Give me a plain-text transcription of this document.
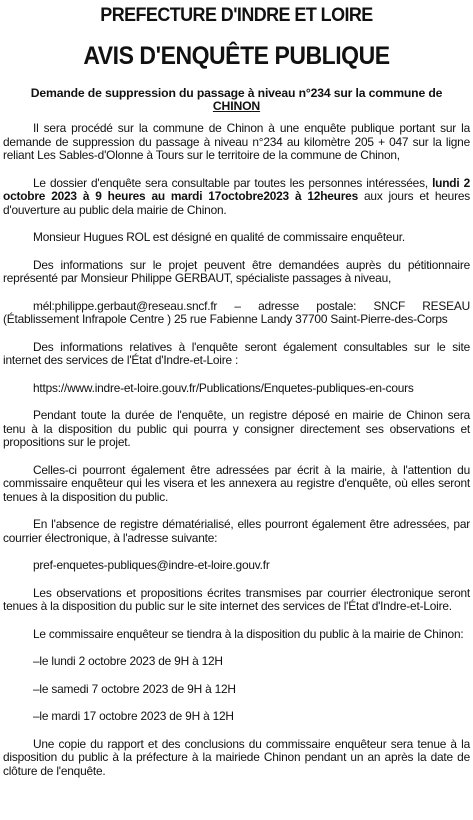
PREFECTURE D'INDRE ET LOIRE
AVIS D'ENQUÊTE PUBLIQUE
Demande de suppression du passage à niveau n°234 sur la commune de
CHINON

Il sera procédé sur la commune de Chinon à une enquête publique portant sur la demande de suppression du passage à niveau n°234 au kilomètre 205 + 047 sur la ligne reliant Les Sables-d'Olonne à Tours sur le territoire de la commune de Chinon,

Le dossier d'enquête sera consultable par toutes les personnes intéressées, lundi 2 octobre 2023 à 9 heures au mardi 17octobre2023 à 12heures aux jours et heures d'ouverture au public dela mairie de Chinon.

Monsieur Hugues ROL est désigné en qualité de commissaire enquêteur.

Des informations sur le projet peuvent être demandées auprès du pétitionnaire représenté par Monsieur Philippe GERBAUT, spécialiste passages à niveau,

mél:philippe.gerbaut@reseau.sncf.fr – adresse postale: SNCF RESEAU (Établissement Infrapole Centre ) 25 rue Fabienne Landy 37700 Saint-Pierre-des-Corps

Des informations relatives à l'enquête seront également consultables sur le site internet des services de l'État d'Indre-et-Loire :

https://www.indre-et-loire.gouv.fr/Publications/Enquetes-publiques-en-cours

Pendant toute la durée de l'enquête, un registre déposé en mairie de Chinon sera tenu à la disposition du public qui pourra y consigner directement ses observations et propositions sur le projet.

Celles-ci pourront également être adressées par écrit à la mairie, à l'attention du commissaire enquêteur qui les visera et les annexera au registre d'enquête, où elles seront tenues à la disposition du public.

En l'absence de registre dématérialisé, elles pourront également être adressées, par courrier électronique, à l'adresse suivante:

pref-enquetes-publiques@indre-et-loire.gouv.fr

Les observations et propositions écrites transmises par courrier électronique seront tenues à la disposition du public sur le site internet des services de l'État d'Indre-et-Loire.

Le commissaire enquêteur se tiendra à la disposition du public à la mairie de Chinon:

–le lundi 2 octobre 2023 de 9H à 12H

–le samedi 7 octobre 2023 de 9H à 12H

–le mardi 17 octobre 2023 de 9H à 12H

Une copie du rapport et des conclusions du commissaire enquêteur sera tenue à la disposition du public à la préfecture à la mairiede Chinon pendant un an après la date de clôture de l'enquête.
